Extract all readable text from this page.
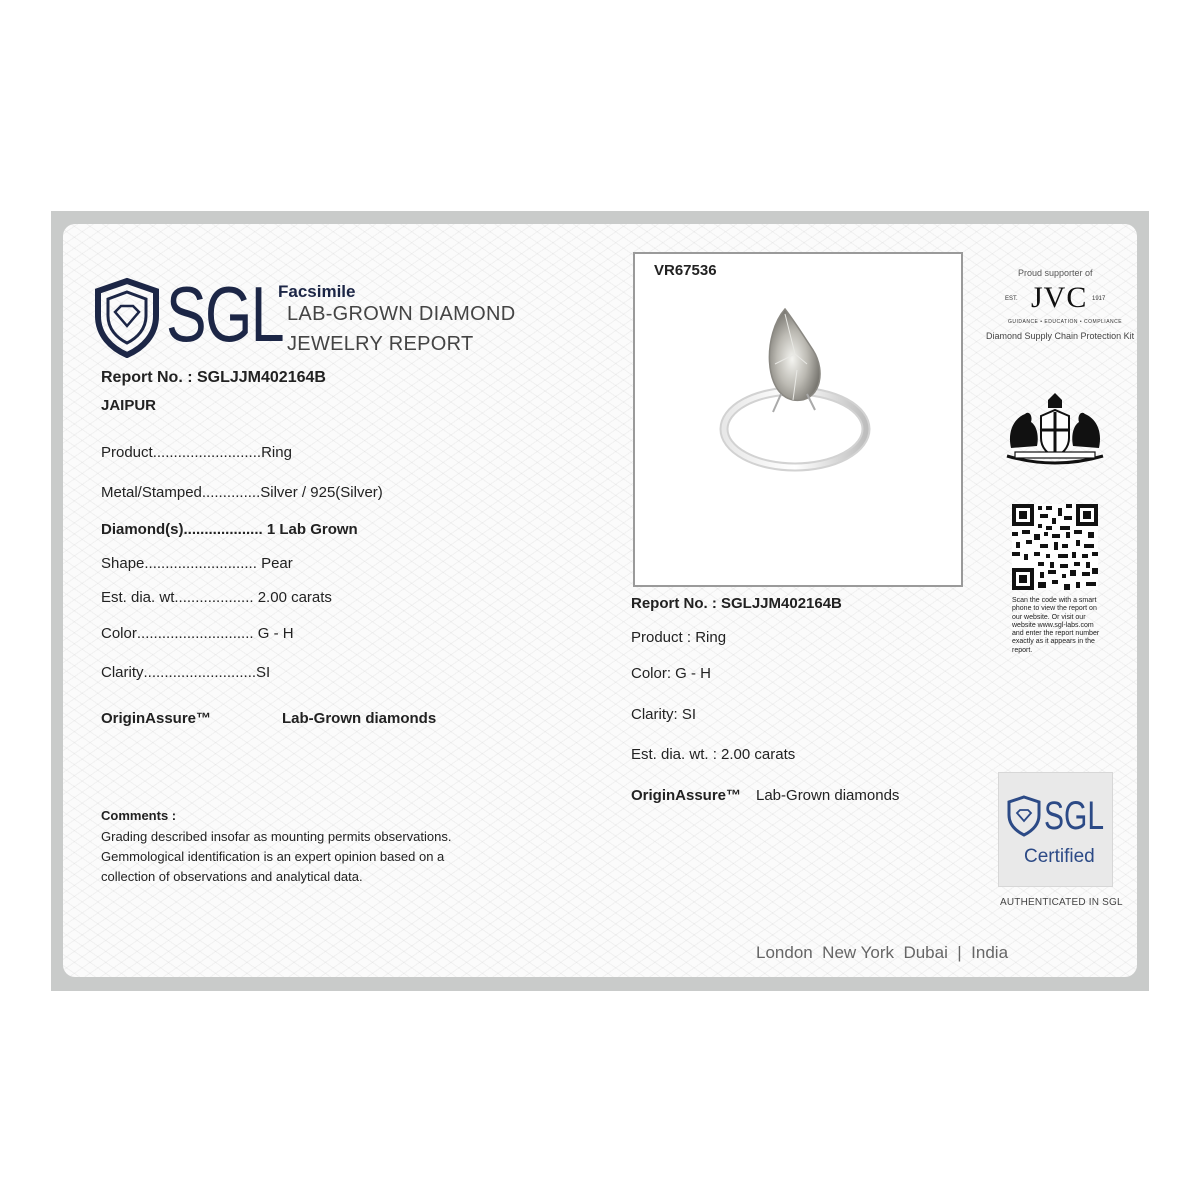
SGL
Facsimile
LAB-GROWN DIAMOND
JEWELRY REPORT
Report No. : SGLJJM402164B
JAIPUR
Product..........................Ring
Metal/Stamped..............Silver / 925(Silver)
Diamond(s)................... 1 Lab Grown
Shape........................... Pear
Est. dia. wt................... 2.00 carats
Color............................ G - H
Clarity...........................SI
OriginAssure™	Lab-Grown diamonds
Comments :
Grading described insofar as mounting permits observations. Gemmological identification is an expert opinion based on a collection of observations and analytical data.
VR67536
Report No. : SGLJJM402164B
Product : Ring
Color: G - H
Clarity: SI
Est. dia. wt. : 2.00 carats
OriginAssure™ Lab-Grown diamonds
Proud supporter of
JVC
EST.	1917
GUIDANCE • EDUCATION • COMPLIANCE
Diamond Supply Chain Protection Kit
Scan the code with a smart phone to view the report on our website. Or visit our website www.sgl-labs.com and enter the report number exactly as it appears in the report.
SGL
Certified
AUTHENTICATED IN SGL
London  New York  Dubai  |  India
